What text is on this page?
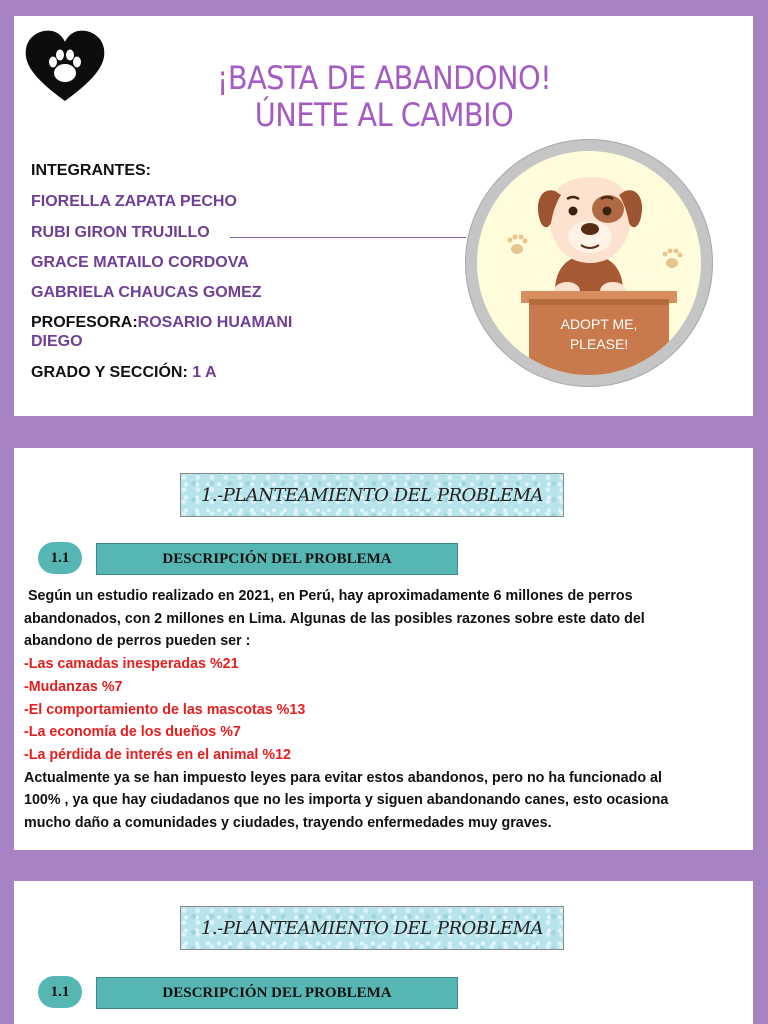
¡BASTA DE ABANDONO!
ÚNETE AL CAMBIO
INTEGRANTES:
FIORELLA ZAPATA PECHO
RUBI GIRON TRUJILLO
GRACE MATAILO CORDOVA
GABRIELA CHAUCAS GOMEZ
PROFESORA:ROSARIO HUAMANI
DIEGO
GRADO Y SECCIÓN: 1 A
ADOPT ME,
PLEASE!
123RF
1.-PLANTEAMIENTO DEL PROBLEMA
1.1	DESCRIPCIÓN DEL PROBLEMA

Según un estudio realizado en 2021, en Perú, hay aproximadamente 6 millones de perros

abandonados, con 2 millones en Lima. Algunas de las posibles razones sobre este dato del

abandono de perros pueden ser :

-Las camadas inesperadas %21

-Mudanzas %7

-El comportamiento de las mascotas %13

-La economía de los dueños %7

-La pérdida de interés en el animal %12

Actualmente ya se han impuesto leyes para evitar estos abandonos, pero no ha funcionado al

100% , ya que hay ciudadanos que no les importa y siguen abandonando canes, esto ocasiona

mucho daño a comunidades y ciudades, trayendo enfermedades muy graves.

1.-PLANTEAMIENTO DEL PROBLEMA
1.1	DESCRIPCIÓN DEL PROBLEMA
